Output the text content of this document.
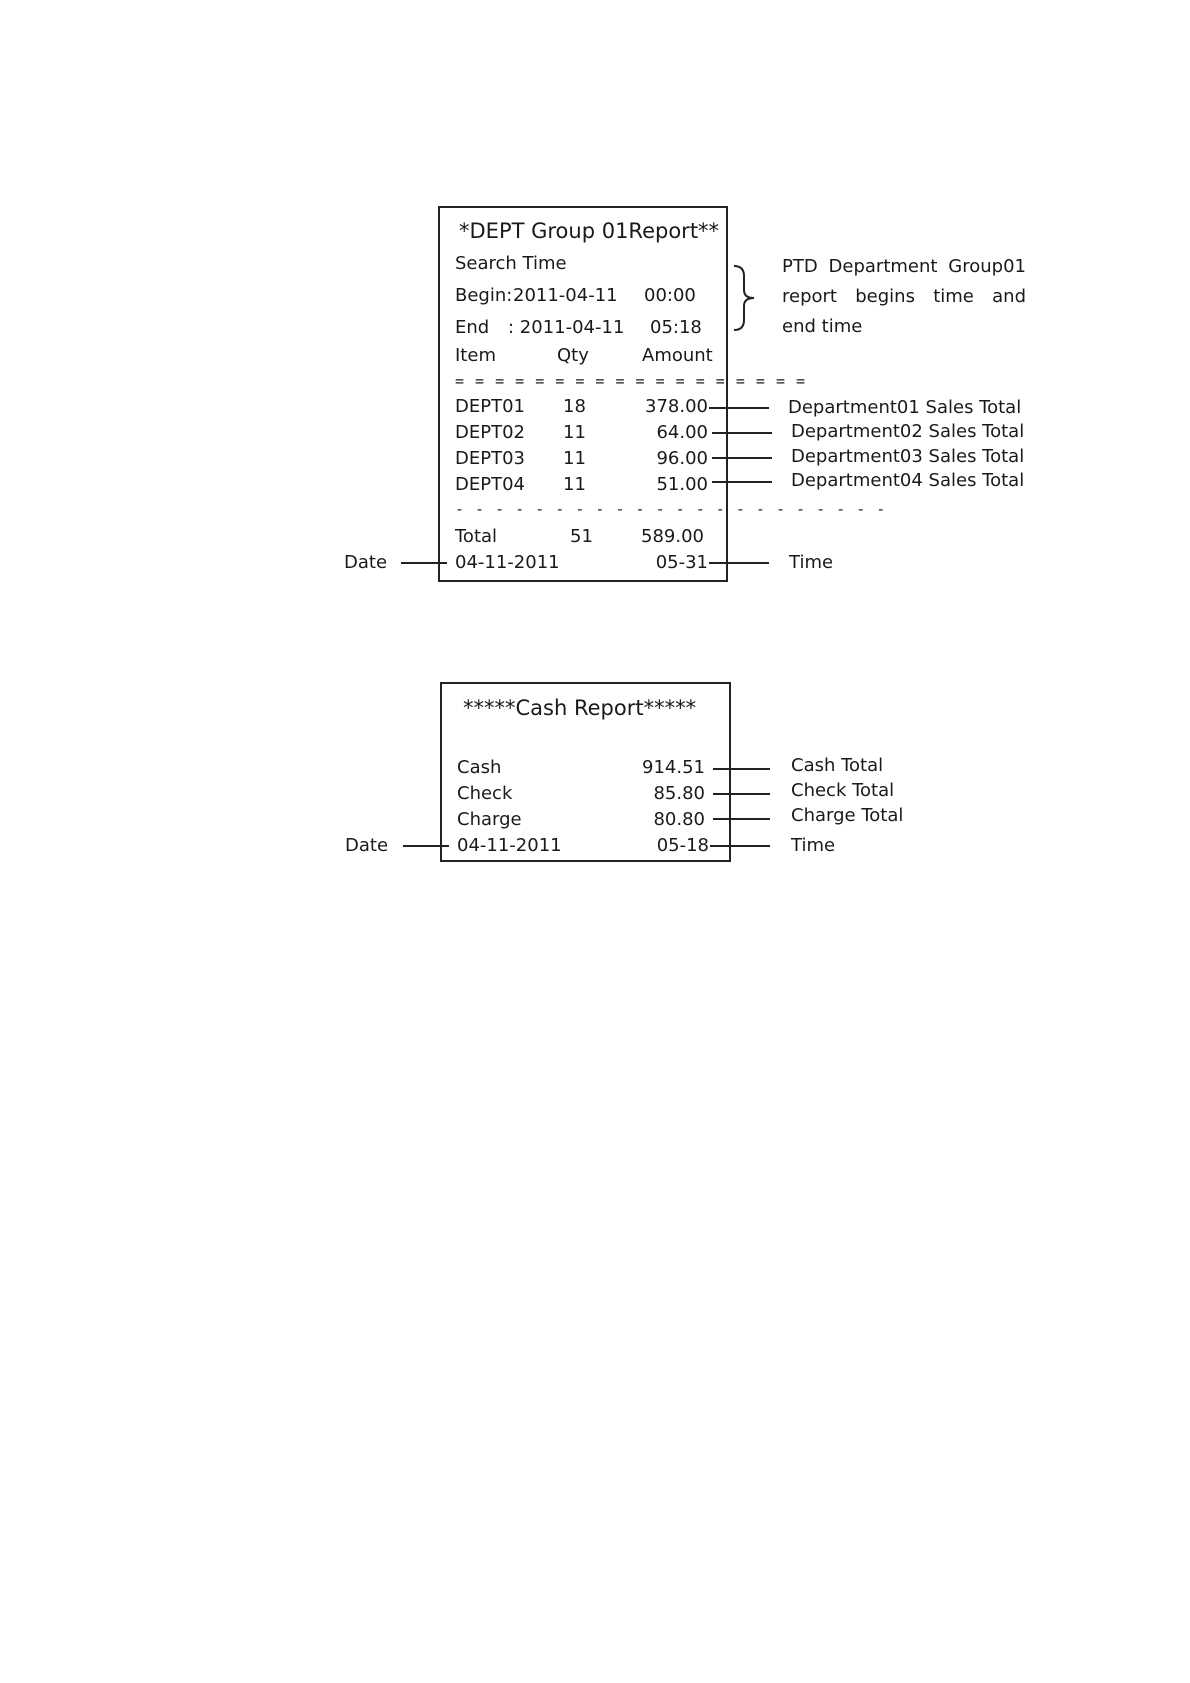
*DEPT Group 01Report**
Search Time
Begin: 2011-04-11 00:00
End : 2011-04-11 05:18
Item	Qty	Amount
= = = = = = = = = = = = = = = = = =
DEPT01 18	378.00	Department01 Sales Total
DEPT02 11	64.00	Department02 Sales Total
DEPT03 11	96.00	Department03 Sales Total
DEPT04 11	51.00	Department04 Sales Total
- - - - - - - - - - - - - - - - - - - - - -
Total	51	589.00
04-11-2011	05-31
Date	Time
PTD Department Group01 report begins time and end time
*****Cash Report*****
Cash	914.51	Cash Total
Check	85.80	Check Total
Charge	80.80	Charge Total
04-11-2011	05-18
Date	Time
